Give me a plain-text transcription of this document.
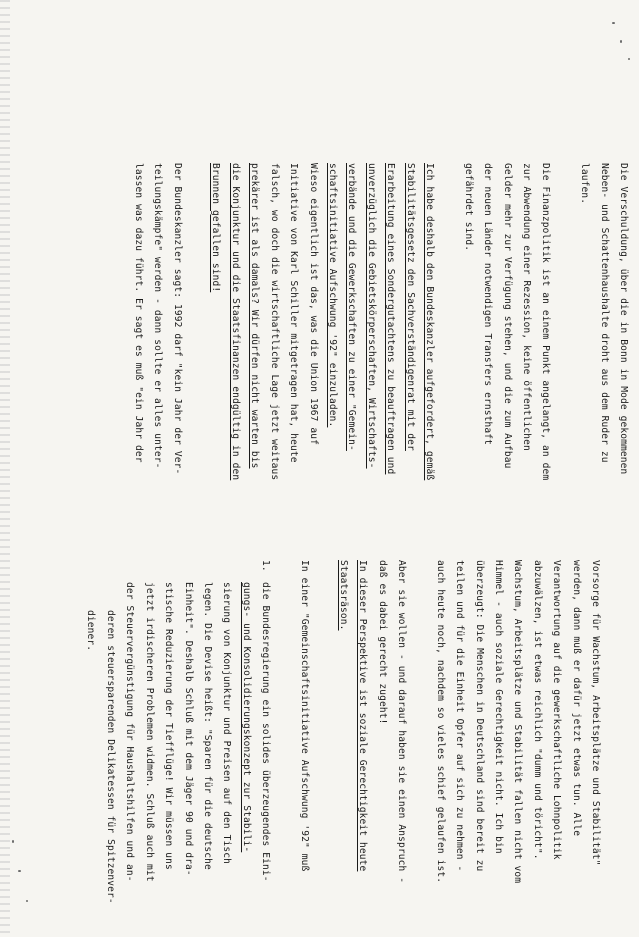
Die Verschuldung, über die in Bonn in Mode gekommenen

Neben- und Schattenhaushalte droht aus dem Ruder zu

laufen.

Die Finanzpolitik ist an einem Punkt angelangt, an dem

zur Abwendung einer Rezession, keine öffentlichen

Gelder mehr zur Verfügung stehen, und die zum Aufbau

der neuen Länder notwendigen Transfers ernsthaft

gefährdet sind.

Ich habe deshalb den Bundeskanzler aufgefordert, gemäß

Stabilitätsgesetz den Sachverständigenrat mit der

Erarbeitung eines Sondergutachtens zu beauftragen und

unverzüglich die Gebietskörperschaften, Wirtschafts-

verbände und die Gewerkschaften zu einer "Gemein-

schaftsinitiative Aufschwung '92" einzuladen.

Wieso eigentlich ist das, was die Union 1967 auf

Initiative von Karl Schiller mitgetragen hat, heute

falsch, wo doch die wirtschaftliche Lage jetzt weitaus

prekärer ist als damals? Wir dürfen nicht warten bis

die Konjunktur und die Staatsfinanzen endgültig in den

Brunnen gefallen sind!

Der Bundeskanzler sagt: 1992 darf "kein Jahr der Ver-

teilungskämpfe" werden - dann sollte er alles unter-

lassen was dazu führt. Er sagt es muß "ein Jahr der

Vorsorge für Wachstum, Arbeitsplätze und Stabilität"

werden, dann muß er dafür jetzt etwas tun. Alle

Verantwortung auf die gewerkschaftliche Lohnpolitik

abzuwälzen, ist etwas reichlich "dumm und töricht".

Wachstum, Arbeitsplätze und Stabilität fallen nicht vom

Himmel - auch soziale Gerechtigkeit nicht. Ich bin

überzeugt: Die Menschen in Deutschland sind bereit zu

teilen und für die Einheit Opfer auf sich zu nehmen -

auch heute noch, nachdem so vieles schief gelaufen ist.

Aber sie wollen - und darauf haben sie einen Anspruch -

daß es dabei gerecht zugeht!

In dieser Perspektive ist soziale Gerechtigkeit heute

Staatsräson.

In einer "Gemeinschaftsinitiative Aufschwung '92" muß

1.die Bundesregierung ein solides überzeugendes Eini-

gungs- und Konsolidierungskonzept zur Stabili-

sierung von Konjunktur und Preisen auf den Tisch

legen. Die Devise heißt: "Sparen für die deutsche

Einheit". Deshalb Schluß mit dem Jäger 90 und dra-

stische Reduzierung der Tiefflüge! Wir müssen uns

jetzt irdischeren Problemen widmen. Schluß auch mit

der Steuervergünstigung für Haushaltshilfen und an-

deren steuersparenden Delikatessen für Spitzenver-

diener.
